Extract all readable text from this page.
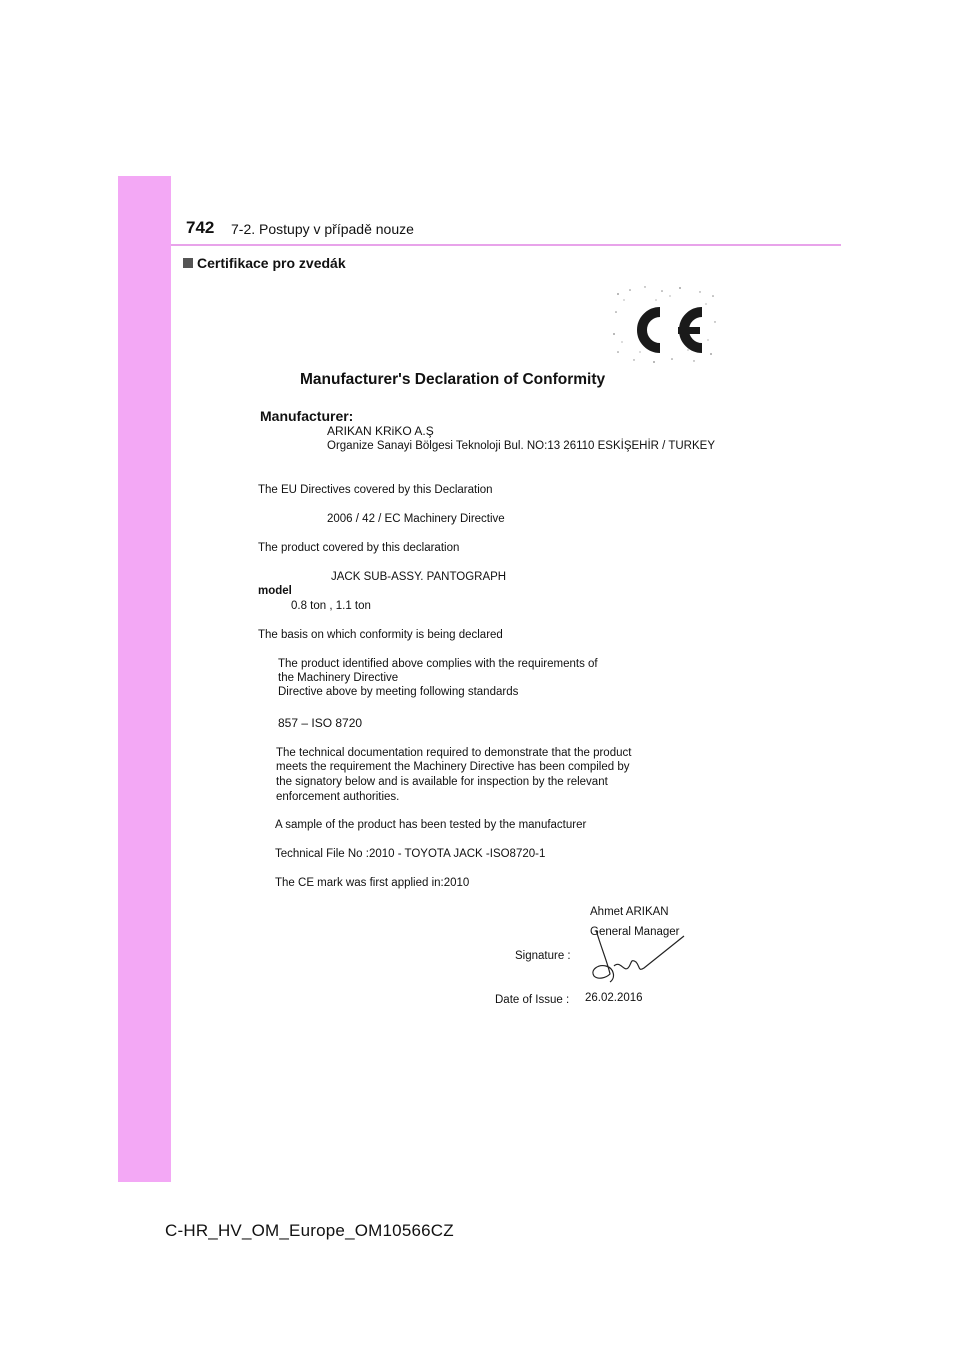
742 7-2. Postupy v případě nouze
Certifikace pro zvedák
Manufacturer's Declaration of Conformity
Manufacturer:
ARIKAN KRiKO A.Ş
Organize Sanayi Bölgesi Teknoloji Bul. NO:13 26110 ESKİŞEHİR / TURKEY
The EU Directives covered by this Declaration
2006 / 42 / EC Machinery Directive
The product covered by this declaration
JACK SUB-ASSY. PANTOGRAPH
model
0.8 ton , 1.1 ton
The basis on which conformity is being declared
The product identified above complies with the requirements of
the Machinery Directive
Directive above by meeting following standards
857 – ISO 8720
The technical documentation required to demonstrate that the product
meets the requirement the Machinery Directive has been compiled by
the signatory below and is available for inspection by the relevant
enforcement authorities.
A sample of the product has been tested by the manufacturer
Technical File No :2010 - TOYOTA JACK -ISO8720-1
The CE mark was first applied in:2010
Ahmet ARIKAN
General Manager
Signature :
Date of Issue : 26.02.2016
C-HR_HV_OM_Europe_OM10566CZ
